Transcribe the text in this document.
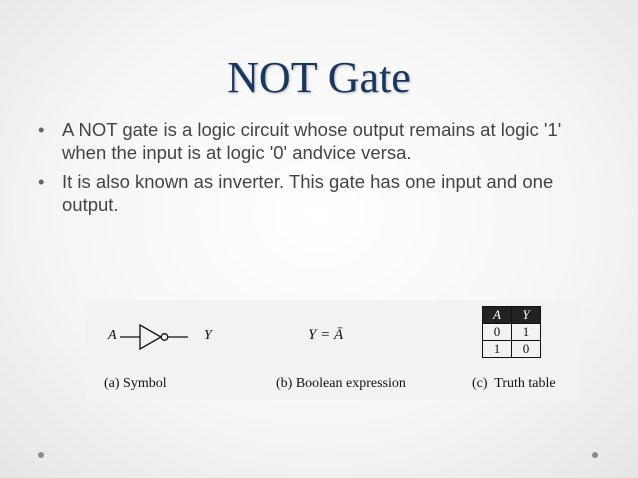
NOT Gate
• A NOT gate is a logic circuit whose output remains at logic '1' when the input is at logic '0' andvice versa.
• It is also known as inverter. This gate has one input and one output.
A	Y
(a) Symbol
Y = Ā
(b) Boolean expression
A	Y
0	1
1	0
(c)  Truth table
